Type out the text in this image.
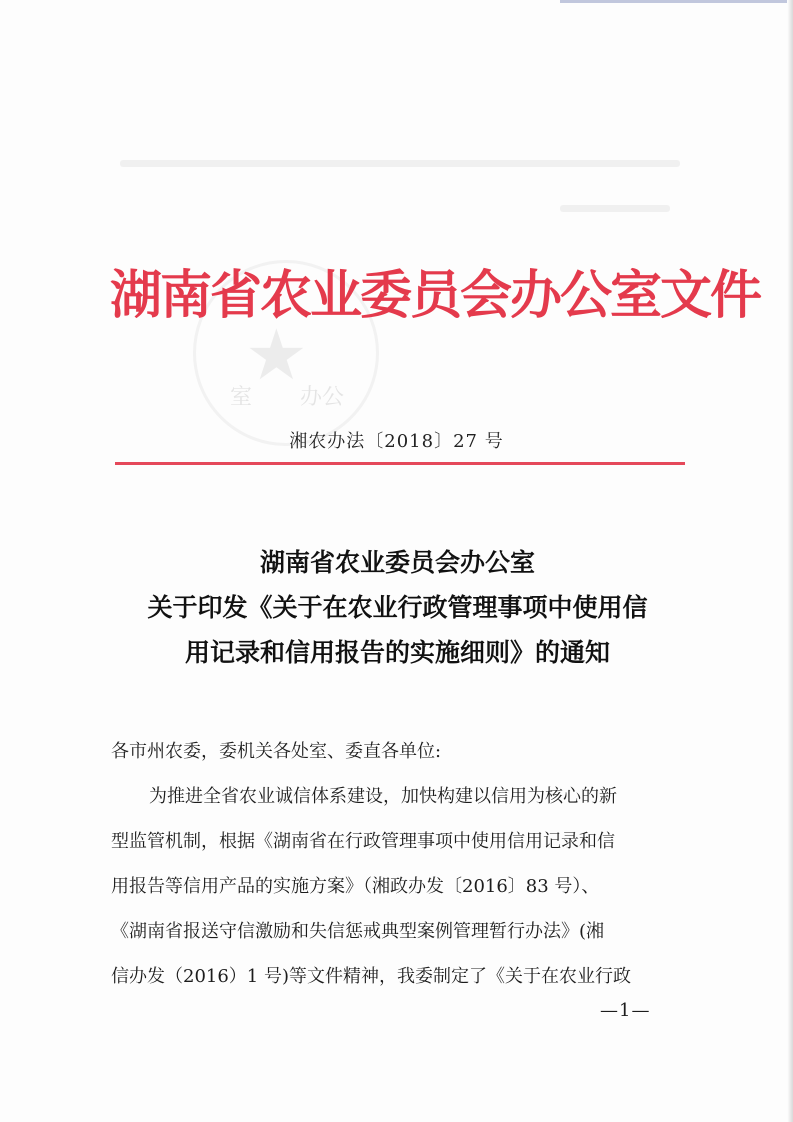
★
室 办公
湖南省农业委员会办公室文件
湘农办法〔2018〕27 号
湖南省农业委员会办公室
关于印发《关于在农业行政管理事项中使用信
用记录和信用报告的实施细则》的通知
各市州农委，委机关各处室、委直各单位:
为推进全省农业诚信体系建设，加快构建以信用为核心的新
型监管机制，根据《湖南省在行政管理事项中使用信用记录和信
用报告等信用产品的实施方案》（湘政办发〔2016〕83 号）、
《湖南省报送守信激励和失信惩戒典型案例管理暂行办法》(湘
信办发（2016）1 号)等文件精神，我委制定了《关于在农业行政
—1—
